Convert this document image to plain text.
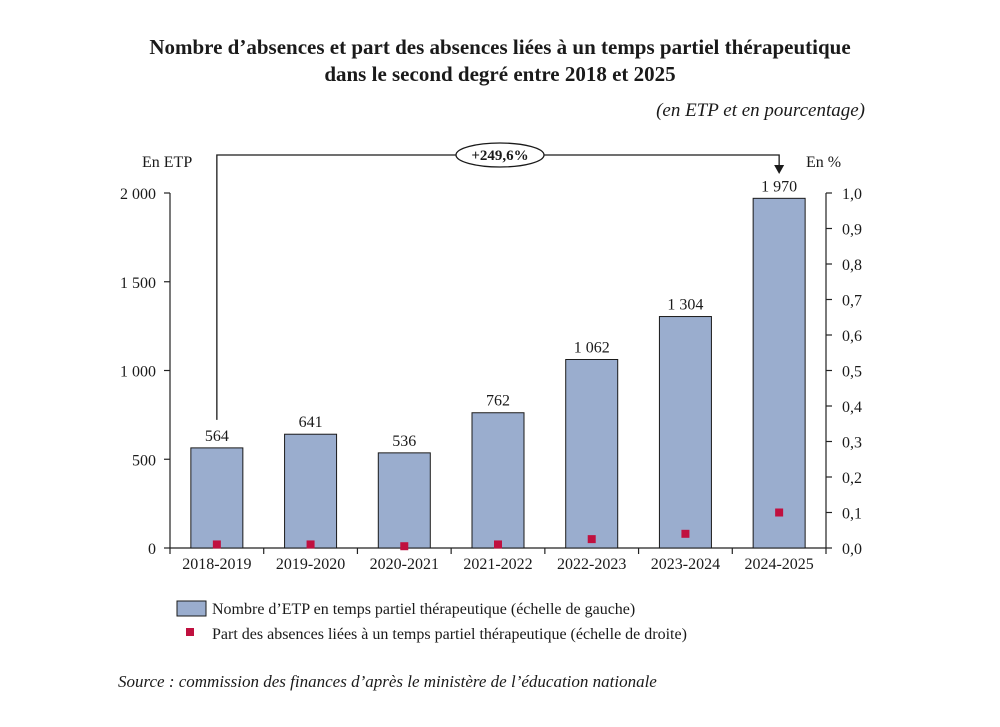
Nombre d’absences et part des absences liées à un temps partiel thérapeutique
dans le second degré entre 2018 et 2025
(en ETP et en pourcentage)
0
500
1 000
1 500
2 000
0,0
0,1
0,2
0,3
0,4
0,5
0,6
0,7
0,8
0,9
1,0
En ETP	En %
564
2018-2019
641
2019-2020
536
2020-2021
762
2021-2022
1 062
2022-2023
1 304
2023-2024
1 970
2024-2025
+249,6%
Nombre d’ETP en temps partiel thérapeutique (échelle de gauche)
Part des absences liées à un temps partiel thérapeutique (échelle de droite)
Source : commission des finances d’après le ministère de l’éducation nationale
